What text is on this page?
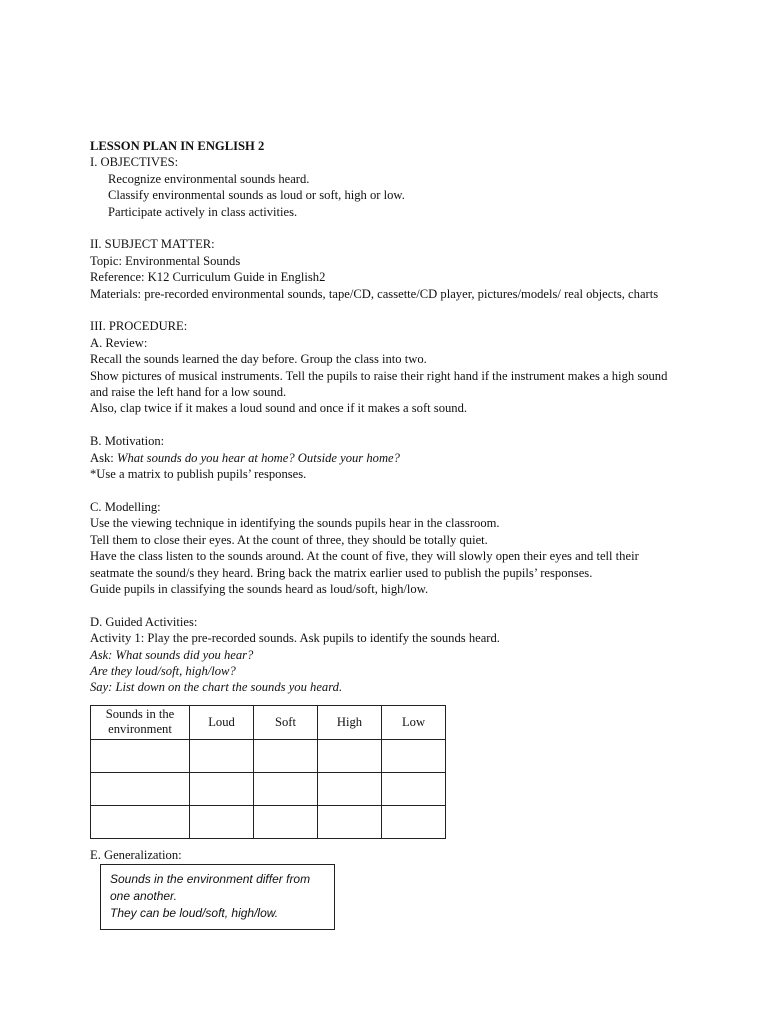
LESSON PLAN IN ENGLISH 2
I. OBJECTIVES:
Recognize environmental sounds heard.
Classify environmental sounds as loud or soft, high or low.
Participate actively in class activities.
II. SUBJECT MATTER:
Topic: Environmental Sounds
Reference: K12 Curriculum Guide in English2
Materials: pre-recorded environmental sounds, tape/CD, cassette/CD player, pictures/models/ real objects, charts
III. PROCEDURE:
A. Review:
Recall the sounds learned the day before. Group the class into two.
Show pictures of musical instruments. Tell the pupils to raise their right hand if the instrument makes a high sound and raise the left hand for a low sound.
Also, clap twice if it makes a loud sound and once if it makes a soft sound.
B. Motivation:
Ask: What sounds do you hear at home? Outside your home?
*Use a matrix to publish pupils’ responses.
C. Modelling:
Use the viewing technique in identifying the sounds pupils hear in the classroom.
Tell them to close their eyes. At the count of three, they should be totally quiet.
Have the class listen to the sounds around. At the count of five, they will slowly open their eyes and tell their seatmate the sound/s they heard. Bring back the matrix earlier used to publish the pupils’ responses.
Guide pupils in classifying the sounds heard as loud/soft, high/low.
D. Guided Activities:
Activity 1: Play the pre-recorded sounds. Ask pupils to identify the sounds heard.
Ask: What sounds did you hear?
Are they loud/soft, high/low?
Say: List down on the chart the sounds you heard.
Sounds in the environment	Loud	Soft	High	Low

E. Generalization:
Sounds in the environment differ from one another.
They can be loud/soft, high/low.
